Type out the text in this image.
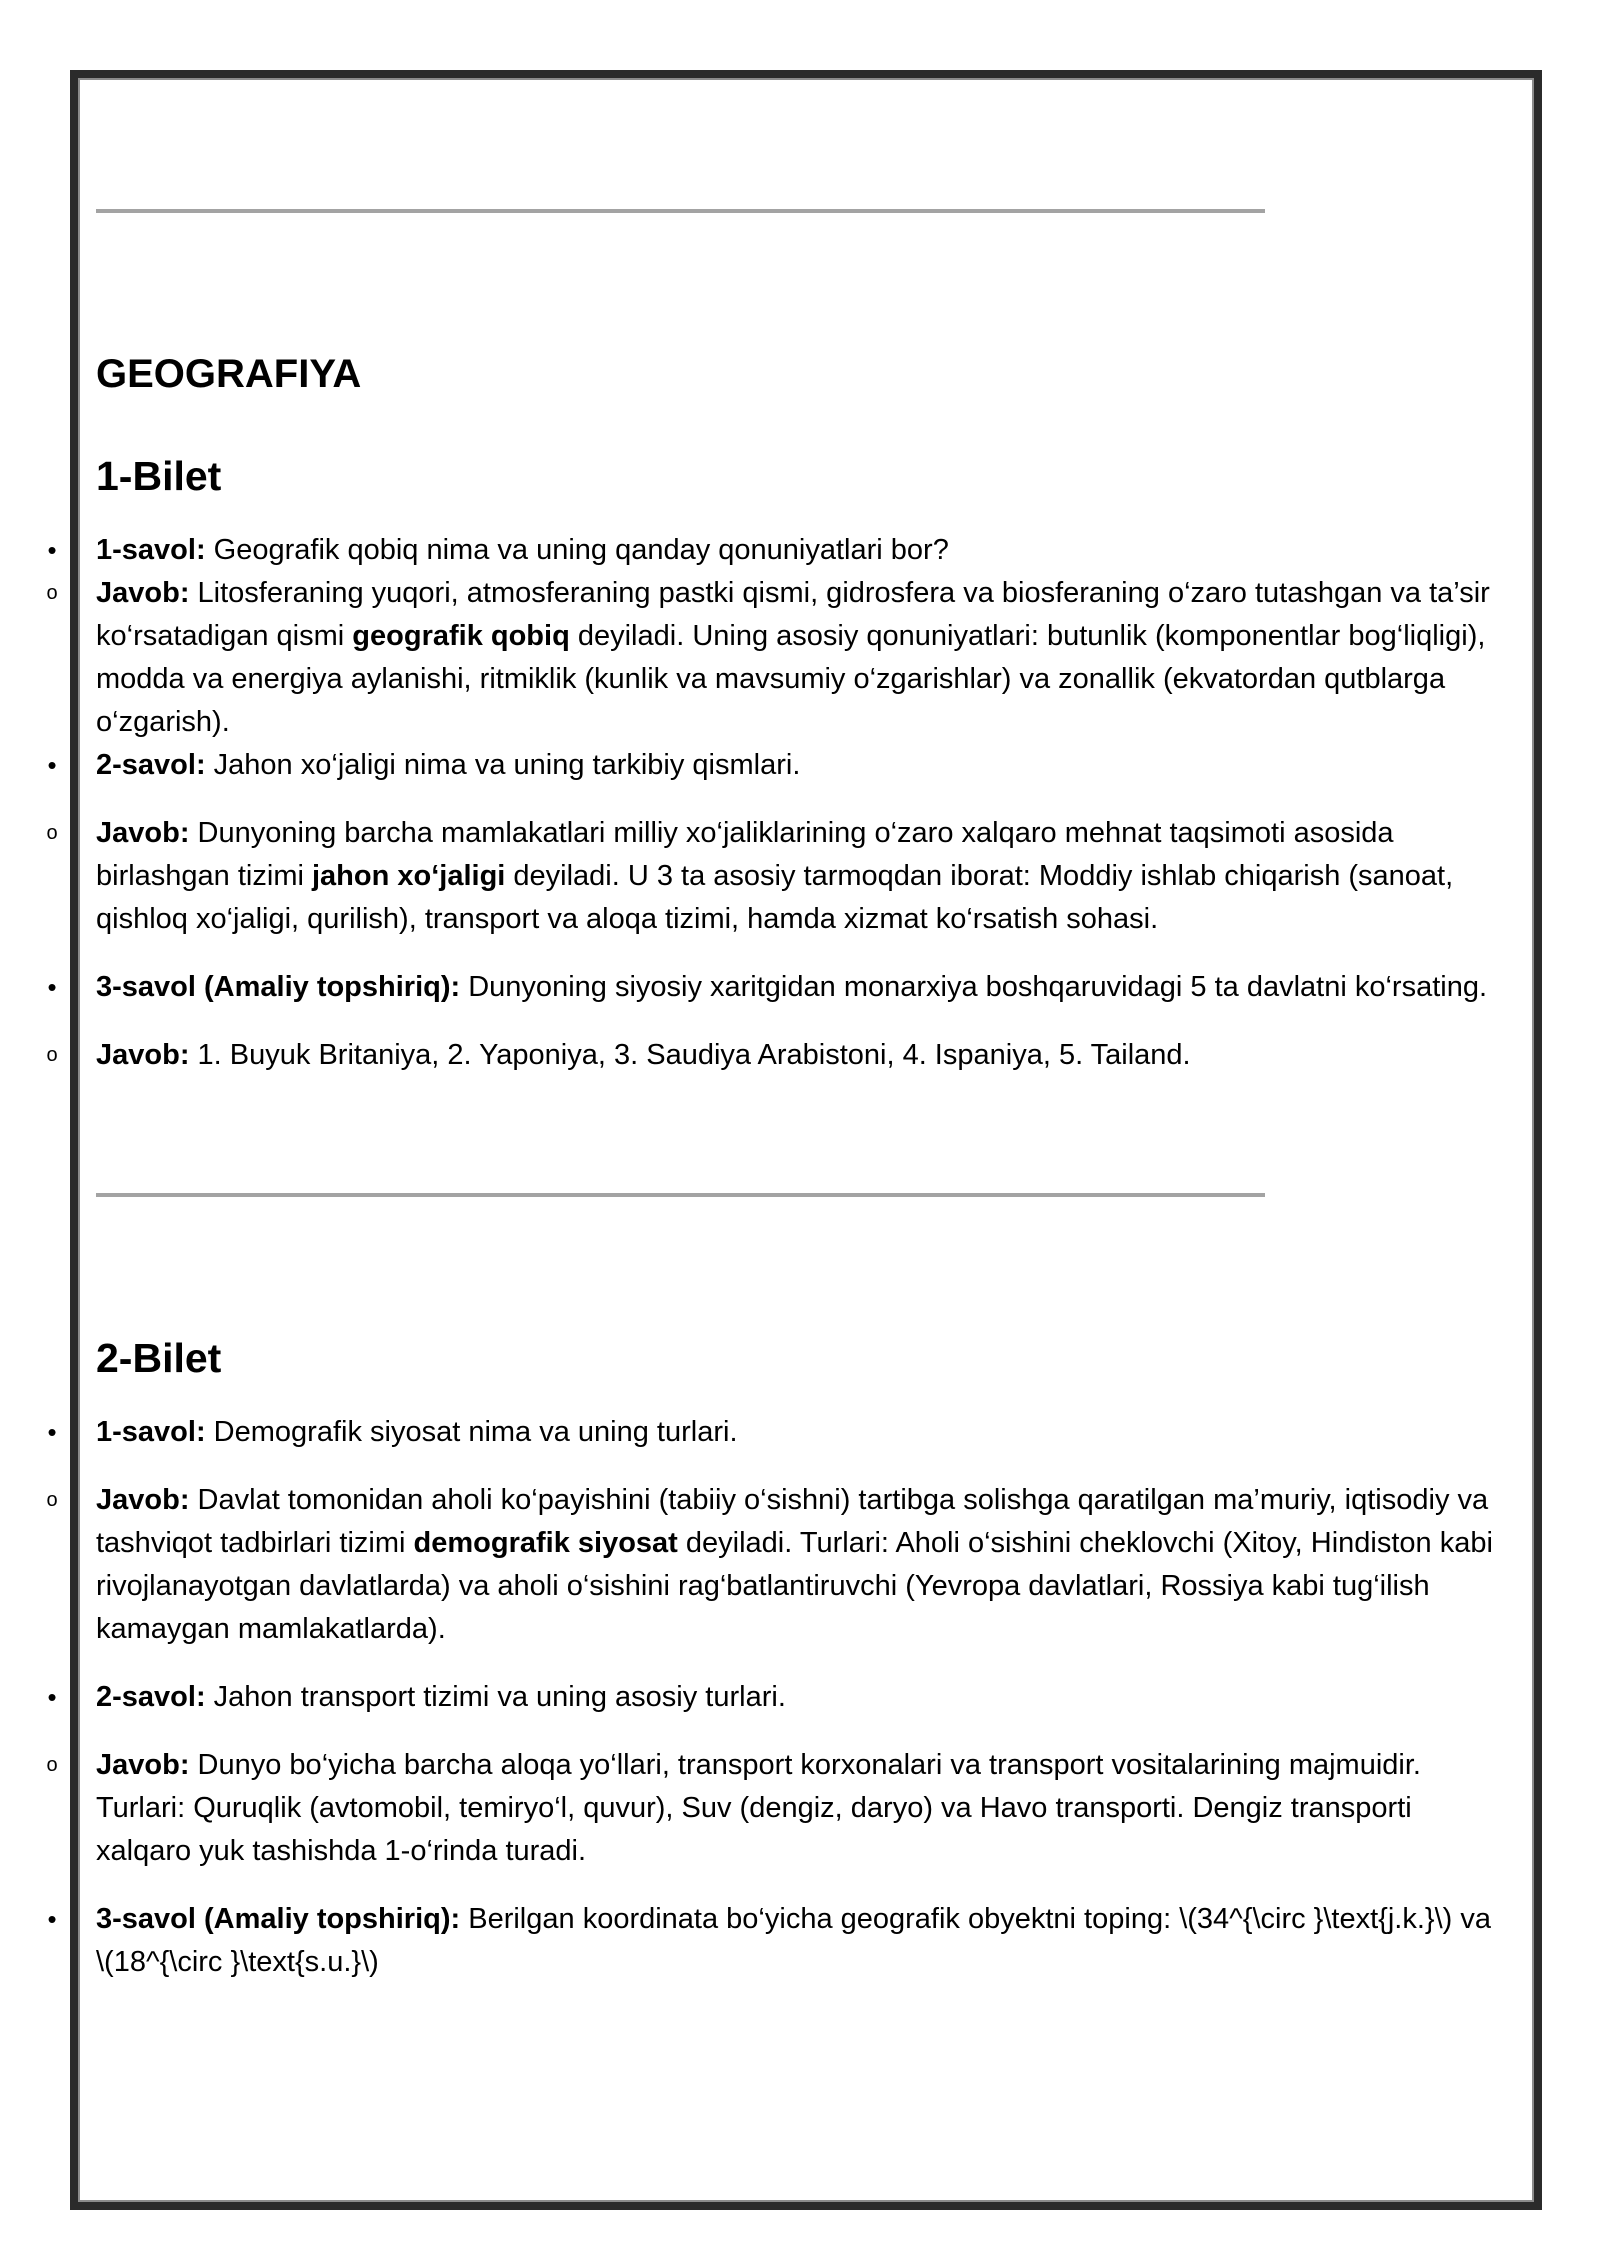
GEOGRAFIYA
1-Bilet
• 1-savol: Geografik qobiq nima va uning qanday qonuniyatlari bor?
o Javob: Litosferaning yuqori, atmosferaning pastki qismi, gidrosfera va biosferaning o‘zaro tutashgan va ta’sir ko‘rsatadigan qismi geografik qobiq deyiladi. Uning asosiy qonuniyatlari: butunlik (komponentlar bog‘liqligi), modda va energiya aylanishi, ritmiklik (kunlik va mavsumiy o‘zgarishlar) va zonallik (ekvatordan qutblarga o‘zgarish).
• 2-savol: Jahon xo‘jaligi nima va uning tarkibiy qismlari.
o Javob: Dunyoning barcha mamlakatlari milliy xo‘jaliklarining o‘zaro xalqaro mehnat taqsimoti asosida birlashgan tizimi jahon xo‘jaligi deyiladi. U 3 ta asosiy tarmoqdan iborat: Moddiy ishlab chiqarish (sanoat, qishloq xo‘jaligi, qurilish), transport va aloqa tizimi, hamda xizmat ko‘rsatish sohasi.
• 3-savol (Amaliy topshiriq): Dunyoning siyosiy xaritgidan monarxiya boshqaruvidagi 5 ta davlatni ko‘rsating.
o Javob: 1. Buyuk Britaniya, 2. Yaponiya, 3. Saudiya Arabistoni, 4. Ispaniya, 5. Tailand.
2-Bilet
• 1-savol: Demografik siyosat nima va uning turlari.
o Javob: Davlat tomonidan aholi ko‘payishini (tabiiy o‘sishni) tartibga solishga qaratilgan ma’muriy, iqtisodiy va tashviqot tadbirlari tizimi demografik siyosat deyiladi. Turlari: Aholi o‘sishini cheklovchi (Xitoy, Hindiston kabi rivojlanayotgan davlatlarda) va aholi o‘sishini rag‘batlantiruvchi (Yevropa davlatlari, Rossiya kabi tug‘ilish kamaygan mamlakatlarda).
• 2-savol: Jahon transport tizimi va uning asosiy turlari.
o Javob: Dunyo bo‘yicha barcha aloqa yo‘llari, transport korxonalari va transport vositalarining majmuidir. Turlari: Quruqlik (avtomobil, temiryo‘l, quvur), Suv (dengiz, daryo) va Havo transporti. Dengiz transporti xalqaro yuk tashishda 1-o‘rinda turadi.
• 3-savol (Amaliy topshiriq): Berilgan koordinata bo‘yicha geografik obyektni toping: \(34^{\circ }\text{j.k.}\) va \(18^{\circ }\text{s.u.}\)
